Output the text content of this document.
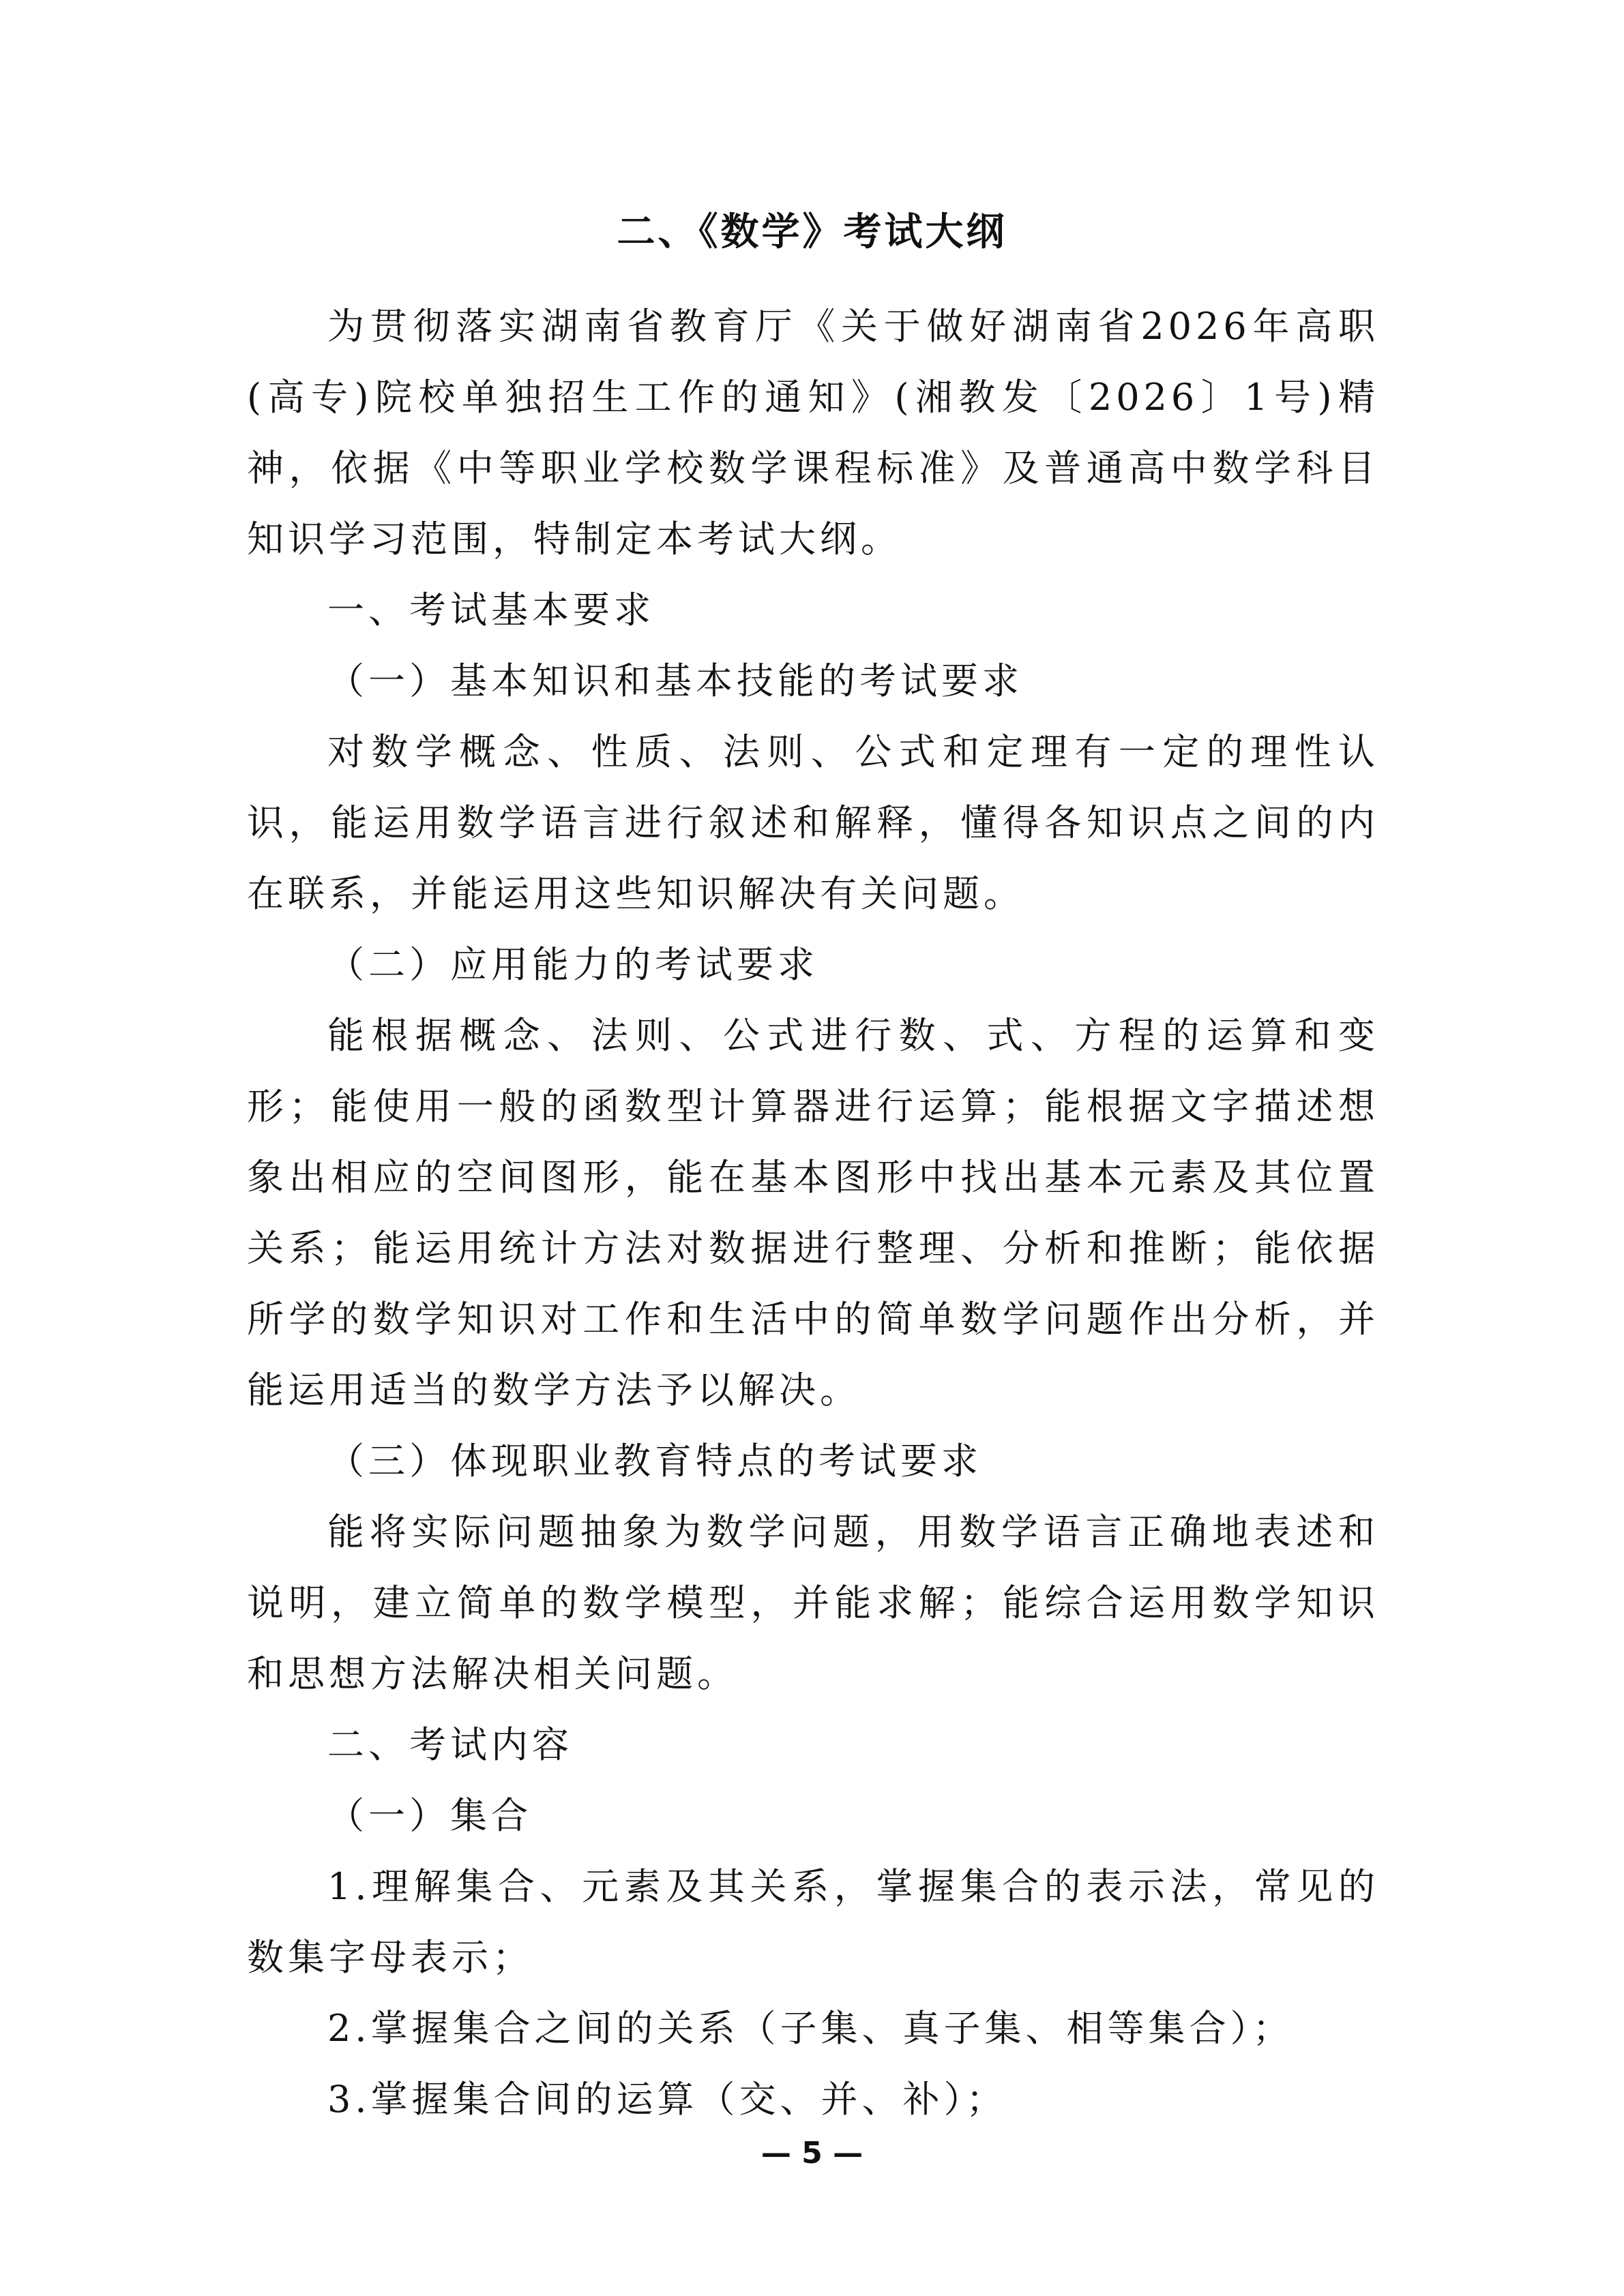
二、《数学》考试大纲

为贯彻落实湖南省教育厅《关于做好湖南省2026年高职(高专)院校单独招生工作的通知》(湘教发〔2026〕1号)精神，依据《中等职业学校数学课程标准》及普通高中数学科目知识学习范围，特制定本考试大纲。

一、考试基本要求

（一）基本知识和基本技能的考试要求

对数学概念、性质、法则、公式和定理有一定的理性认识，能运用数学语言进行叙述和解释，懂得各知识点之间的内在联系，并能运用这些知识解决有关问题。

（二）应用能力的考试要求

能根据概念、法则、公式进行数、式、方程的运算和变形；能使用一般的函数型计算器进行运算；能根据文字描述想象出相应的空间图形，能在基本图形中找出基本元素及其位置关系；能运用统计方法对数据进行整理、分析和推断；能依据所学的数学知识对工作和生活中的简单数学问题作出分析，并能运用适当的数学方法予以解决。

（三）体现职业教育特点的考试要求

能将实际问题抽象为数学问题，用数学语言正确地表述和说明，建立简单的数学模型，并能求解；能综合运用数学知识和思想方法解决相关问题。

二、考试内容

（一）集合

1.理解集合、元素及其关系，掌握集合的表示法，常见的数集字母表示；

2.掌握集合之间的关系（子集、真子集、相等集合）；

3.掌握集合间的运算（交、并、补）；

— 5 —
